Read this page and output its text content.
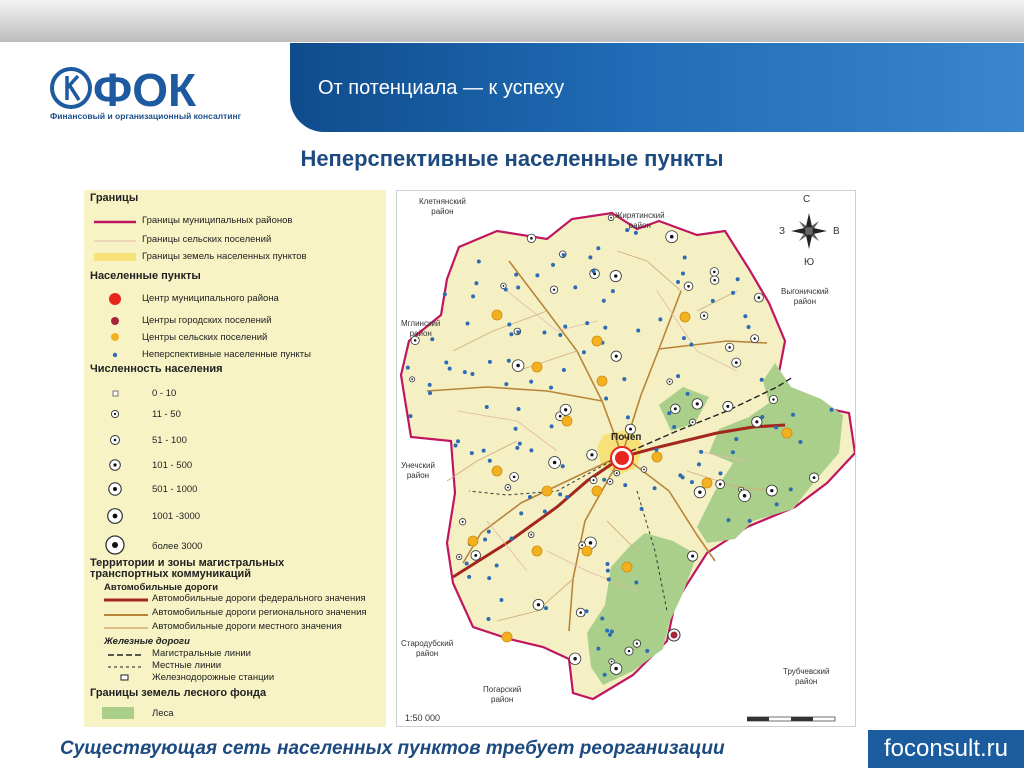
ФОК
Финансовый и организационный консалтинг
От потенциала — к успеху
Неперспективные населенные пункты
Границы
Границы муниципальных районов
Границы сельских поселений
Границы земель населенных пунктов
Населенные пункты
Центр муниципального района
Центры городских поселений
Центры сельских поселений
Неперспективные населенные пункты
Численность населения
0 - 10
11 - 50
51 - 100
101 - 500
501 - 1000
1001 -3000
более 3000
Территории и зоны магистральных
транспортных коммуникаций
Автомобильные дороги
Автомобильные дороги федерального значения
Автомобильные дороги регионального значения
Автомобильные дороги местного значения
Железные дороги
Магистральные линии
Местные линии
Железнодорожные станции
Границы земель лесного фонда
Леса
Почеп
С
Ю
З	В
Клетнянский
район	Жирятинский
район
Выгоничский
район
Мглинский
район
Унечский
район
Стародубский
район
Погарский
район
Трубчевский
район
1:50 000
Существующая сеть населенных пунктов требует реорганизации	foconsult.ru
